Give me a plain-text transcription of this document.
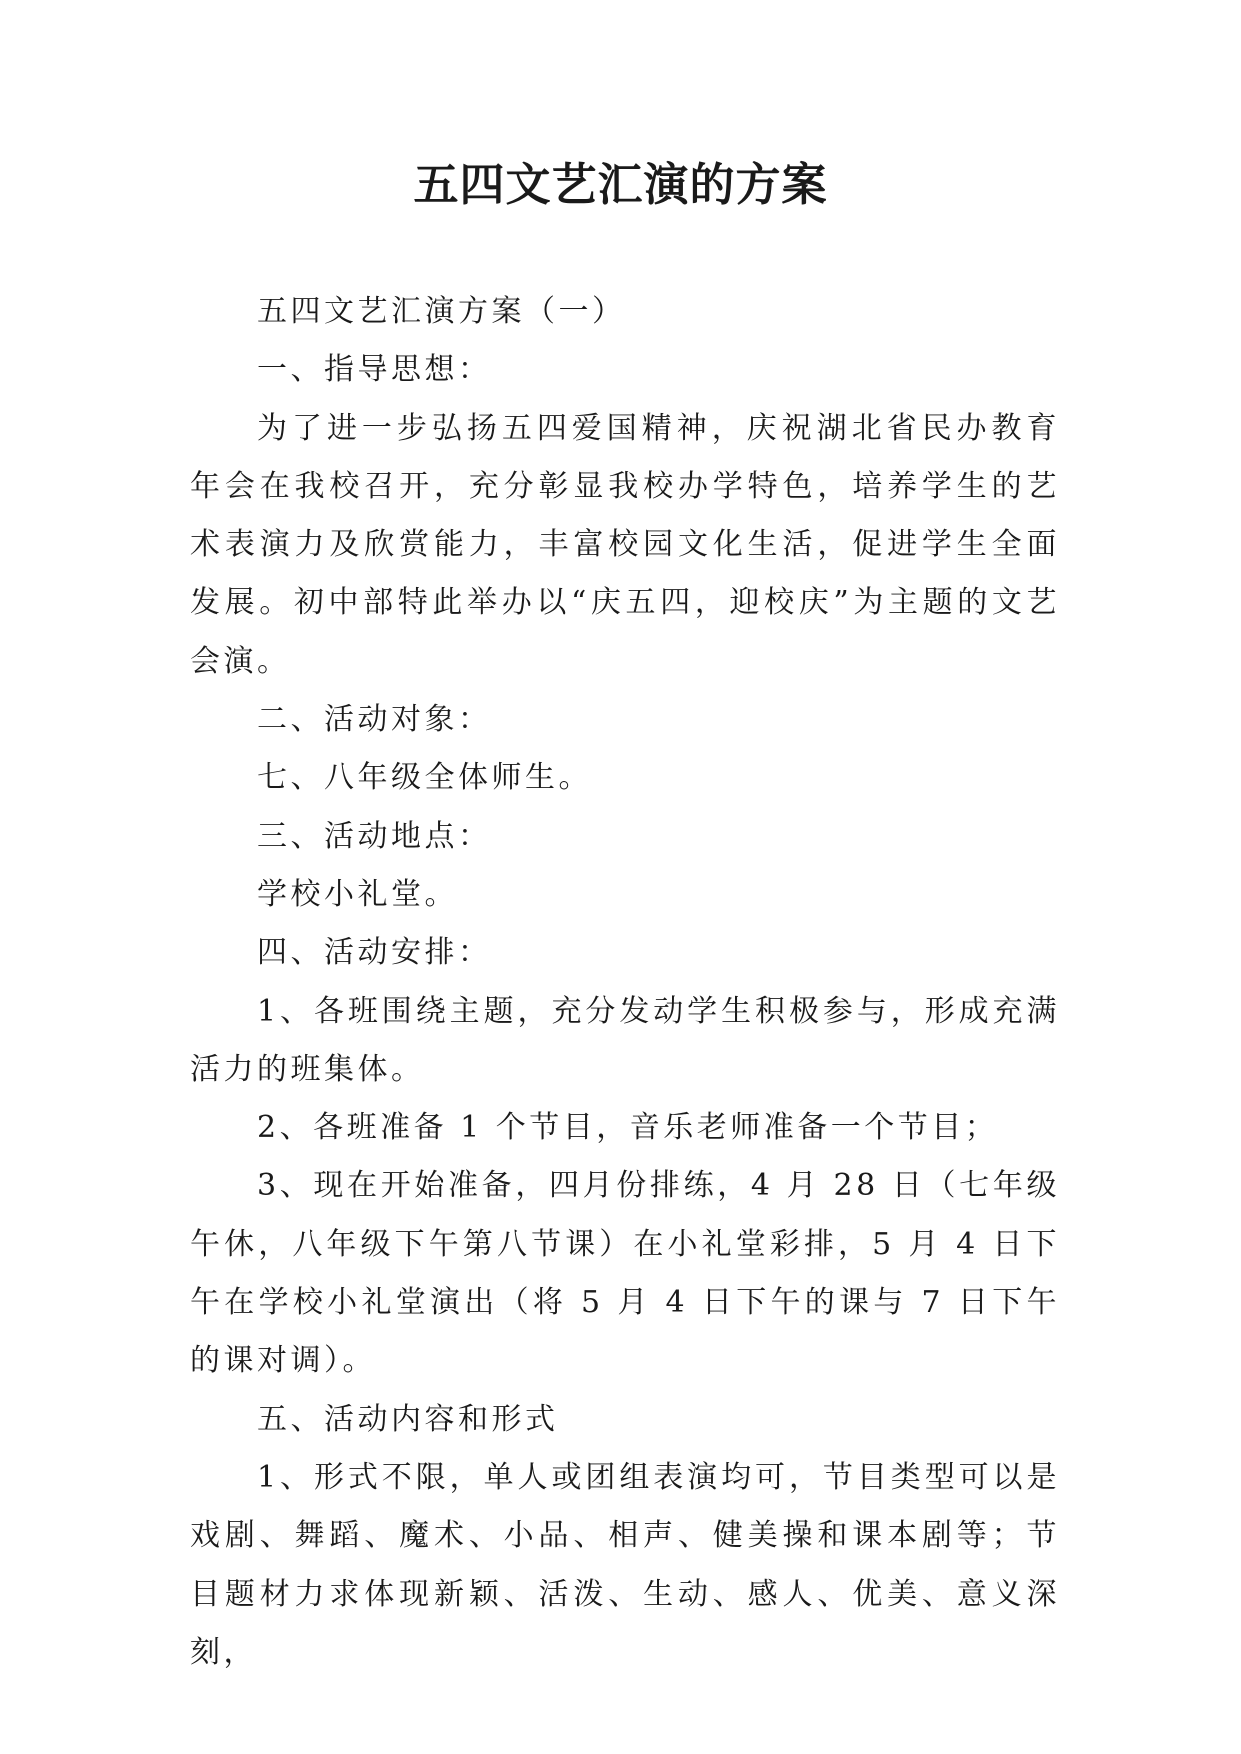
五四文艺汇演的方案

五四文艺汇演方案（一）

一、指导思想：

为了进一步弘扬五四爱国精神，庆祝湖北省民办教育年会在我校召开，充分彰显我校办学特色，培养学生的艺术表演力及欣赏能力，丰富校园文化生活，促进学生全面发展。初中部特此举办以“庆五四，迎校庆”为主题的文艺会演。

二、活动对象：

七、八年级全体师生。

三、活动地点：

学校小礼堂。

四、活动安排：

1、各班围绕主题，充分发动学生积极参与，形成充满活力的班集体。

2、各班准备 1 个节目，音乐老师准备一个节目；

3、现在开始准备，四月份排练，4 月 28 日（七年级午休，八年级下午第八节课）在小礼堂彩排，5 月 4 日下午在学校小礼堂演出（将 5 月 4 日下午的课与 7 日下午的课对调）。

五、活动内容和形式

1、形式不限，单人或团组表演均可，节目类型可以是戏剧、舞蹈、魔术、小品、相声、健美操和课本剧等；节目题材力求体现新颖、活泼、生动、感人、优美、意义深刻，
